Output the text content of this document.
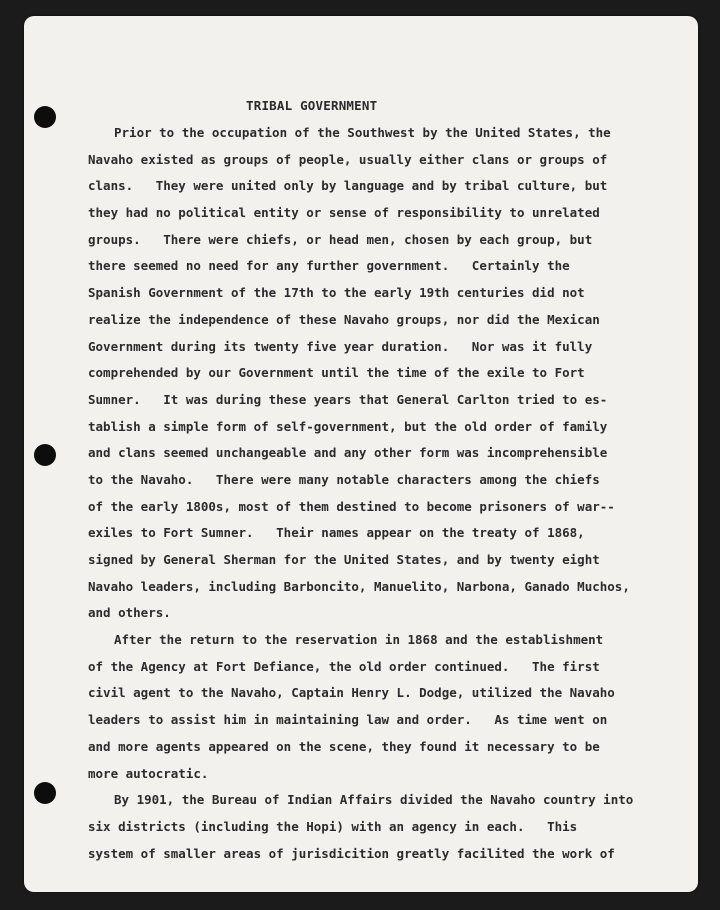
TRIBAL GOVERNMENT
Prior to the occupation of the Southwest by the United States, the
Navaho existed as groups of people, usually either clans or groups of
clans.   They were united only by language and by tribal culture, but
they had no political entity or sense of responsibility to unrelated
groups.   There were chiefs, or head men, chosen by each group, but
there seemed no need for any further government.   Certainly the
Spanish Government of the 17th to the early 19th centuries did not
realize the independence of these Navaho groups, nor did the Mexican
Government during its twenty five year duration.   Nor was it fully
comprehended by our Government until the time of the exile to Fort
Sumner.   It was during these years that General Carlton tried to es-
tablish a simple form of self-government, but the old order of family
and clans seemed unchangeable and any other form was incomprehensible
to the Navaho.   There were many notable characters among the chiefs
of the early 1800s, most of them destined to become prisoners of war--
exiles to Fort Sumner.   Their names appear on the treaty of 1868,
signed by General Sherman for the United States, and by twenty eight
Navaho leaders, including Barboncito, Manuelito, Narbona, Ganado Muchos,
and others.
After the return to the reservation in 1868 and the establishment
of the Agency at Fort Defiance, the old order continued.   The first
civil agent to the Navaho, Captain Henry L. Dodge, utilized the Navaho
leaders to assist him in maintaining law and order.   As time went on
and more agents appeared on the scene, they found it necessary to be
more autocratic.
By 1901, the Bureau of Indian Affairs divided the Navaho country into
six districts (including the Hopi) with an agency in each.   This
system of smaller areas of jurisdicition greatly facilited the work of
